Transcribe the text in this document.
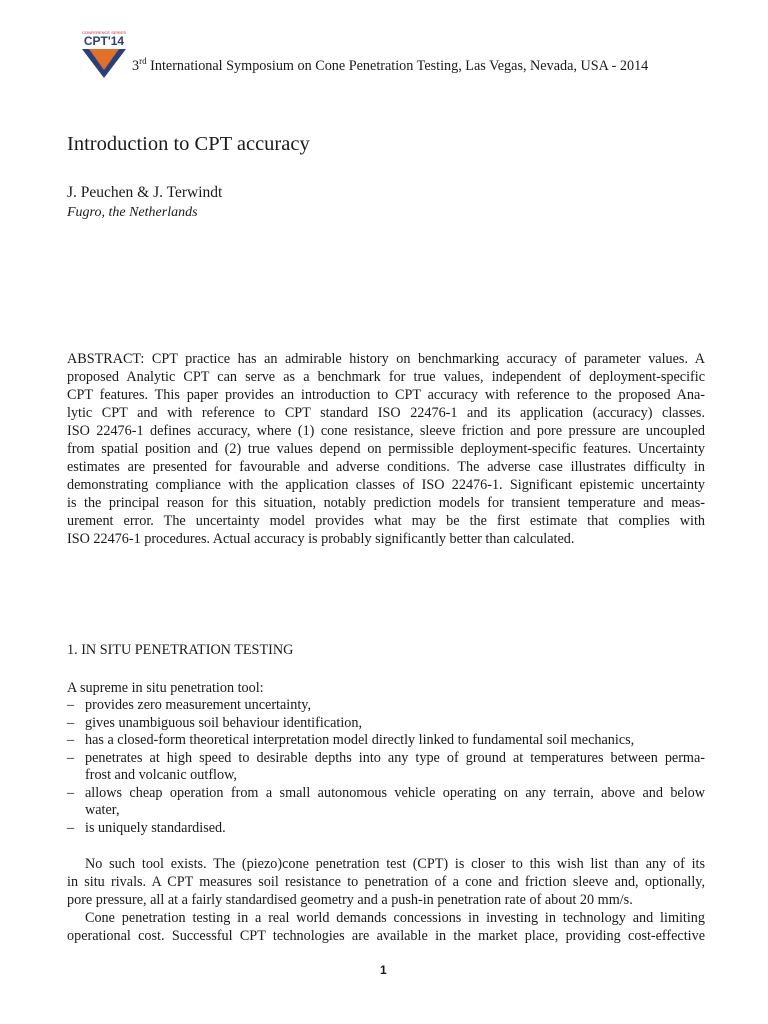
CONFERENCE SERIES
CPT'14
3rd International Symposium on Cone Penetration Testing, Las Vegas, Nevada, USA - 2014
Introduction to CPT accuracy
J. Peuchen & J. Terwindt
Fugro, the Netherlands
ABSTRACT: CPT practice has an admirable history on benchmarking accuracy of parameter values. A
proposed Analytic CPT can serve as a benchmark for true values, independent of deployment-specific
CPT features. This paper provides an introduction to CPT accuracy with reference to the proposed Ana-
lytic CPT and with reference to CPT standard ISO 22476-1 and its application (accuracy) classes.
ISO 22476-1 defines accuracy, where (1) cone resistance, sleeve friction and pore pressure are uncoupled
from spatial position and (2) true values depend on permissible deployment-specific features. Uncertainty
estimates are presented for favourable and adverse conditions. The adverse case illustrates difficulty in
demonstrating compliance with the application classes of ISO 22476-1. Significant epistemic uncertainty
is the principal reason for this situation, notably prediction models for transient temperature and meas-
urement error. The uncertainty model provides what may be the first estimate that complies with
ISO 22476-1 procedures. Actual accuracy is probably significantly better than calculated.
1. IN SITU PENETRATION TESTING
A supreme in situ penetration tool:
– provides zero measurement uncertainty,
– gives unambiguous soil behaviour identification,
– has a closed-form theoretical interpretation model directly linked to fundamental soil mechanics,
– penetrates at high speed to desirable depths into any type of ground at temperatures between perma-
frost and volcanic outflow,
– allows cheap operation from a small autonomous vehicle operating on any terrain, above and below
water,
– is uniquely standardised.
No such tool exists. The (piezo)cone penetration test (CPT) is closer to this wish list than any of its
in situ rivals. A CPT measures soil resistance to penetration of a cone and friction sleeve and, optionally,
pore pressure, all at a fairly standardised geometry and a push-in penetration rate of about 20 mm/s.
Cone penetration testing in a real world demands concessions in investing in technology and limiting
operational cost. Successful CPT technologies are available in the market place, providing cost-effective
1
